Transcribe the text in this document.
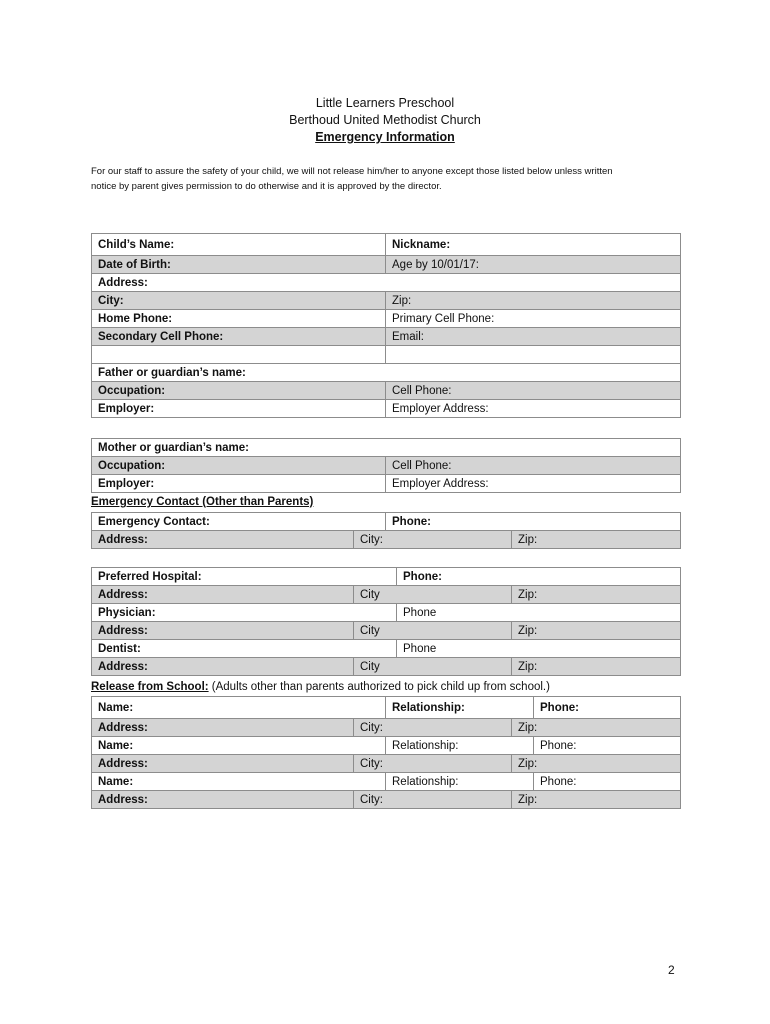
Little Learners Preschool
Berthoud United Methodist Church
Emergency Information
For our staff to assure the safety of your child, we will not release him/her to anyone except those listed below unless written
notice by parent gives permission to do otherwise and it is approved by the director.
Child’s Name:	Nickname:
Date of Birth:	Age by 10/01/17:
Address:	
City:	Zip:
Home Phone:	Primary Cell Phone:
Secondary Cell Phone:	Email:

Father or guardian’s name:	
Occupation:	Cell Phone:
Employer:	Employer Address:
Mother or guardian’s name:	
Occupation:	Cell Phone:
Employer:	Employer Address:
Emergency Contact (Other than Parents)
Emergency Contact:		Phone:	
Address:	City:		Zip:
Preferred Hospital:		Phone:	
Address:	City		Zip:
Physician:		Phone	
Address:	City		Zip:
Dentist:		Phone	
Address:	City		Zip:
Release from School: (Adults other than parents authorized to pick child up from school.)
Name:		Relationship:		Phone:
Address:	City:		Zip:	
Name:		Relationship:		Phone:
Address:	City:		Zip:	
Name:		Relationship:		Phone:
Address:	City:		Zip:	
2
